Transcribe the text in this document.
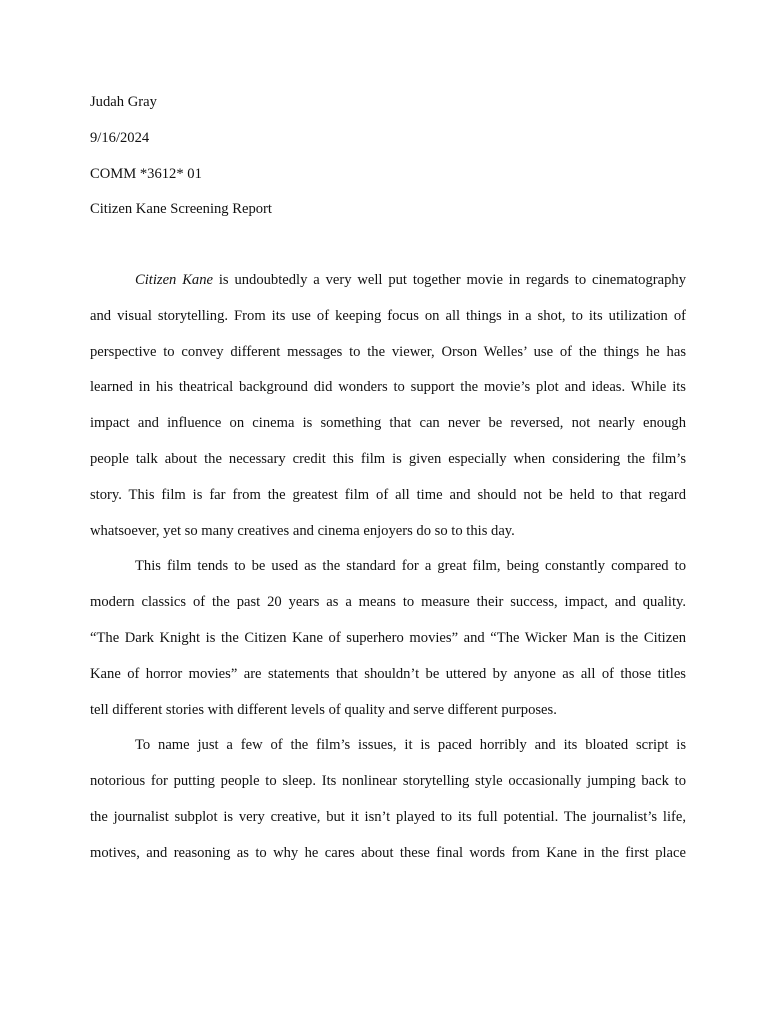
Judah Gray
9/16/2024
COMM *3612* 01
Citizen Kane Screening Report
Citizen Kane is undoubtedly a very well put together movie in regards to cinematography
and visual storytelling. From its use of keeping focus on all things in a shot, to its utilization of
perspective to convey different messages to the viewer, Orson Welles’ use of the things he has
learned in his theatrical background did wonders to support the movie’s plot and ideas. While its
impact and influence on cinema is something that can never be reversed, not nearly enough
people talk about the necessary credit this film is given especially when considering the film’s
story. This film is far from the greatest film of all time and should not be held to that regard
whatsoever, yet so many creatives and cinema enjoyers do so to this day.
This film tends to be used as the standard for a great film, being constantly compared to
modern classics of the past 20 years as a means to measure their success, impact, and quality.
“The Dark Knight is the Citizen Kane of superhero movies” and “The Wicker Man is the Citizen
Kane of horror movies” are statements that shouldn’t be uttered by anyone as all of those titles
tell different stories with different levels of quality and serve different purposes.
To name just a few of the film’s issues, it is paced horribly and its bloated script is
notorious for putting people to sleep. Its nonlinear storytelling style occasionally jumping back to
the journalist subplot is very creative, but it isn’t played to its full potential. The journalist’s life,
motives, and reasoning as to why he cares about these final words from Kane in the first place
